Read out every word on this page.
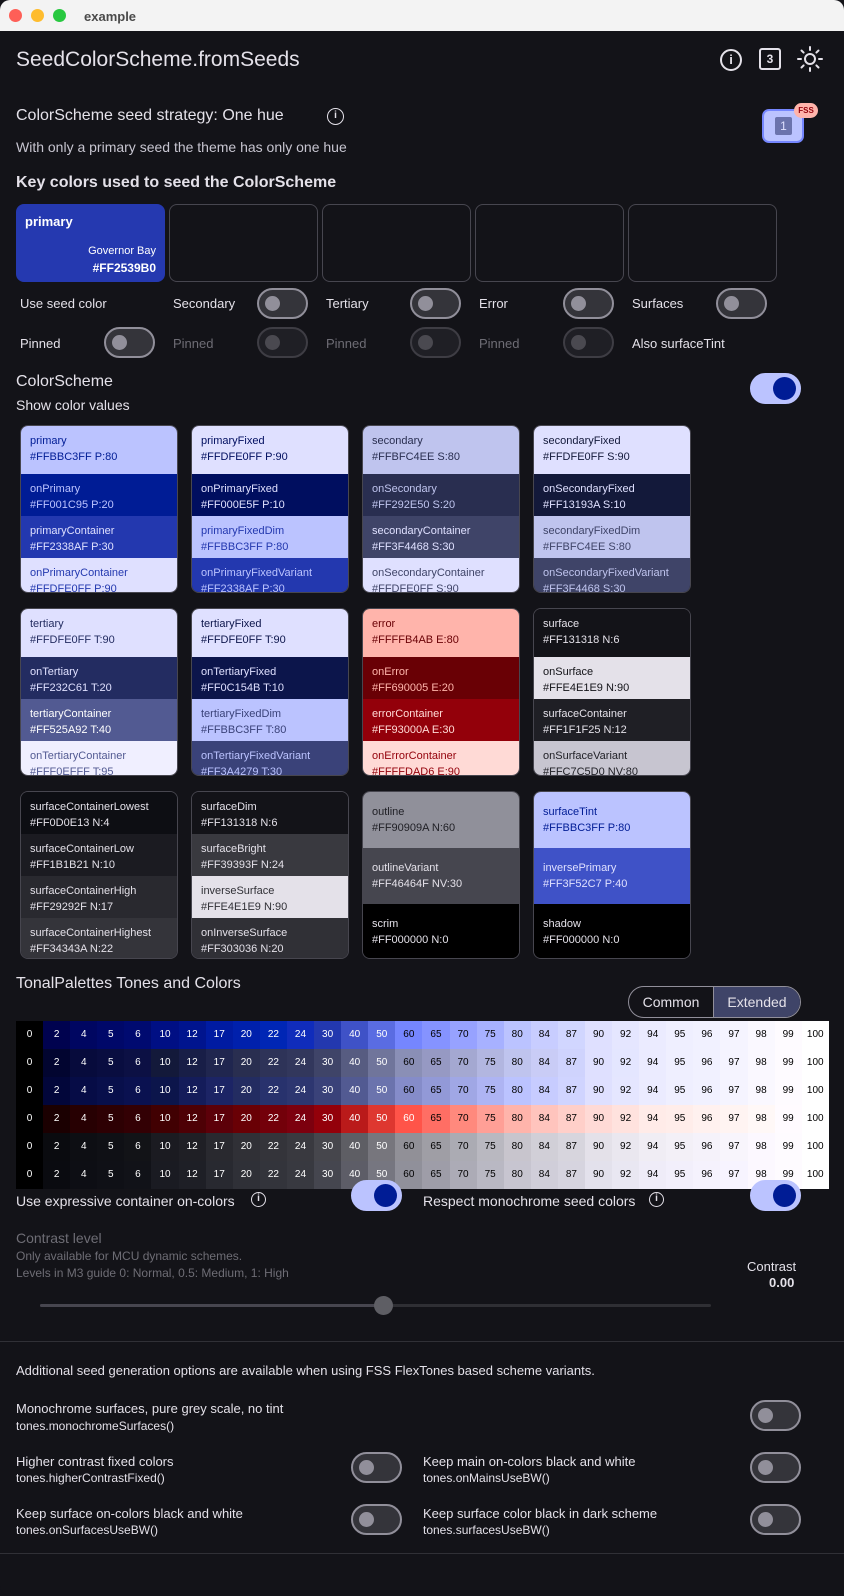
example
SeedColorScheme.fromSeeds	i	3
ColorScheme seed strategy: One hue	i
With only a primary seed the theme has only one hue
1
FSS
Key colors used to seed the ColorScheme
primary
Governor Bay
#FF2539B0
Use seed color	Secondary	Tertiary	Error	Surfaces
Pinned	Pinned	Pinned	Pinned	Also surfaceTint
ColorScheme
Show color values
primary
#FFBBC3FF P:80
onPrimary
#FF001C95 P:20
primaryContainer
#FF2338AF P:30
onPrimaryContainer
#FFDFE0FF P:90
primaryFixed
#FFDFE0FF P:90
onPrimaryFixed
#FF000E5F P:10
primaryFixedDim
#FFBBC3FF P:80
onPrimaryFixedVariant
#FF2338AF P:30
secondary
#FFBFC4EE S:80
onSecondary
#FF292E50 S:20
secondaryContainer
#FF3F4468 S:30
onSecondaryContainer
#FFDFE0FF S:90
secondaryFixed
#FFDFE0FF S:90
onSecondaryFixed
#FF13193A S:10
secondaryFixedDim
#FFBFC4EE S:80
onSecondaryFixedVariant
#FF3F4468 S:30
tertiary
#FFDFE0FF T:90
onTertiary
#FF232C61 T:20
tertiaryContainer
#FF525A92 T:40
onTertiaryContainer
#FFF0EFFF T:95
tertiaryFixed
#FFDFE0FF T:90
onTertiaryFixed
#FF0C154B T:10
tertiaryFixedDim
#FFBBC3FF T:80
onTertiaryFixedVariant
#FF3A4279 T:30
error
#FFFFB4AB E:80
onError
#FF690005 E:20
errorContainer
#FF93000A E:30
onErrorContainer
#FFFFDAD6 E:90
surface
#FF131318 N:6
onSurface
#FFE4E1E9 N:90
surfaceContainer
#FF1F1F25 N:12
onSurfaceVariant
#FFC7C5D0 NV:80
surfaceContainerLowest
#FF0D0E13 N:4
surfaceContainerLow
#FF1B1B21 N:10
surfaceContainerHigh
#FF29292F N:17
surfaceContainerHighest
#FF34343A N:22
surfaceDim
#FF131318 N:6
surfaceBright
#FF39393F N:24
inverseSurface
#FFE4E1E9 N:90
onInverseSurface
#FF303036 N:20
outline
#FF90909A N:60
outlineVariant
#FF46464F NV:30
scrim
#FF000000 N:0
surfaceTint
#FFBBC3FF P:80
inversePrimary
#FF3F52C7 P:40
shadow
#FF000000 N:0
TonalPalettes Tones and Colors
Common	Extended
0	2	4	5	6	10	12	17	20	22	24	30	40	50	60	65	70	75	80	84	87	90	92	94	95	96	97	98	99	100
0	2	4	5	6	10	12	17	20	22	24	30	40	50	60	65	70	75	80	84	87	90	92	94	95	96	97	98	99	100
0	2	4	5	6	10	12	17	20	22	24	30	40	50	60	65	70	75	80	84	87	90	92	94	95	96	97	98	99	100
0	2	4	5	6	10	12	17	20	22	24	30	40	50	60	65	70	75	80	84	87	90	92	94	95	96	97	98	99	100
0	2	4	5	6	10	12	17	20	22	24	30	40	50	60	65	70	75	80	84	87	90	92	94	95	96	97	98	99	100
0	2	4	5	6	10	12	17	20	22	24	30	40	50	60	65	70	75	80	84	87	90	92	94	95	96	97	98	99	100
Use expressive container on-colors	i	Respect monochrome seed colors	i
Contrast level
Only available for MCU dynamic schemes.
Levels in M3 guide 0: Normal, 0.5: Medium, 1: High	Contrast
0.00
Additional seed generation options are available when using FSS FlexTones based scheme variants.
Monochrome surfaces, pure grey scale, no tint
tones.monochromeSurfaces()
Higher contrast fixed colors
tones.higherContrastFixed()
Keep main on-colors black and white
tones.onMainsUseBW()
Keep surface on-colors black and white
tones.onSurfacesUseBW()
Keep surface color black in dark scheme
tones.surfacesUseBW()
